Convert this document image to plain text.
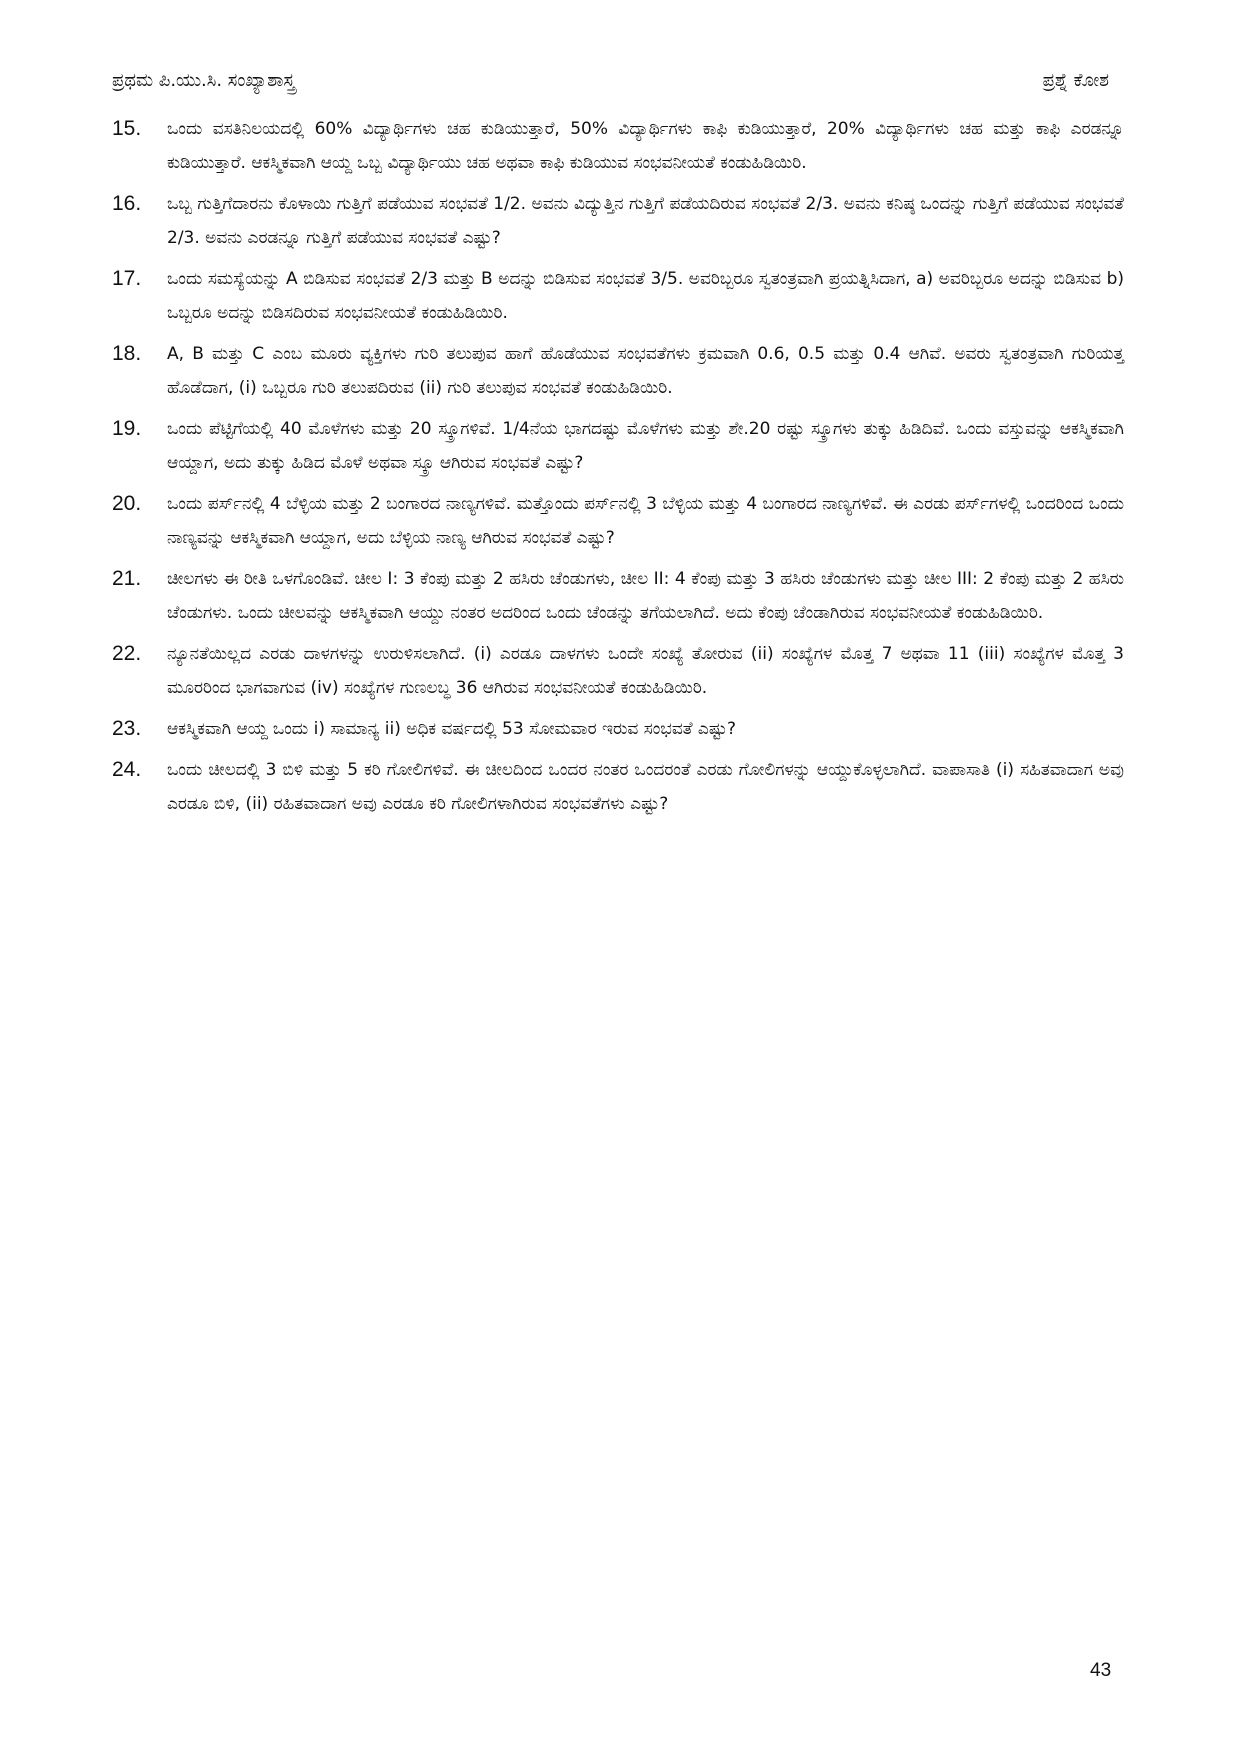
ಪ್ರಥಮ ಪಿ.ಯು.ಸಿ. ಸಂಖ್ಯಾಶಾಸ್ತ್ರ	ಪ್ರಶ್ನೆ ಕೋಶ
15.	ಒಂದು ವಸತಿನಿಲಯದಲ್ಲಿ 60% ವಿದ್ಯಾರ್ಥಿಗಳು ಚಹ ಕುಡಿಯುತ್ತಾರೆ, 50% ವಿದ್ಯಾರ್ಥಿಗಳು ಕಾಫಿ ಕುಡಿಯುತ್ತಾರೆ, 20% ವಿದ್ಯಾರ್ಥಿಗಳು ಚಹ ಮತ್ತು ಕಾಫಿ ಎರಡನ್ನೂ ಕುಡಿಯುತ್ತಾರೆ. ಆಕಸ್ಮಿಕವಾಗಿ ಆಯ್ದ ಒಬ್ಬ ವಿದ್ಯಾರ್ಥಿಯು ಚಹ ಅಥವಾ ಕಾಫಿ ಕುಡಿಯುವ ಸಂಭವನೀಯತೆ ಕಂಡುಹಿಡಿಯಿರಿ.
16.	ಒಬ್ಬ ಗುತ್ತಿಗೆದಾರನು ಕೊಳಾಯಿ ಗುತ್ತಿಗೆ ಪಡೆಯುವ ಸಂಭವತೆ 1/2. ಅವನು ವಿದ್ಯುತ್ತಿನ ಗುತ್ತಿಗೆ ಪಡೆಯದಿರುವ ಸಂಭವತೆ 2/3. ಅವನು ಕನಿಷ್ಠ ಒಂದನ್ನು ಗುತ್ತಿಗೆ ಪಡೆಯುವ ಸಂಭವತೆ 2/3. ಅವನು ಎರಡನ್ನೂ ಗುತ್ತಿಗೆ ಪಡೆಯುವ ಸಂಭವತೆ ಎಷ್ಟು?
17.	ಒಂದು ಸಮಸ್ಯೆಯನ್ನು A ಬಿಡಿಸುವ ಸಂಭವತೆ 2/3 ಮತ್ತು B ಅದನ್ನು ಬಿಡಿಸುವ ಸಂಭವತೆ 3/5. ಅವರಿಬ್ಬರೂ ಸ್ವತಂತ್ರವಾಗಿ ಪ್ರಯತ್ನಿಸಿದಾಗ, a) ಅವರಿಬ್ಬರೂ ಅದನ್ನು ಬಿಡಿಸುವ b) ಒಬ್ಬರೂ ಅದನ್ನು ಬಿಡಿಸದಿರುವ ಸಂಭವನೀಯತೆ ಕಂಡುಹಿಡಿಯಿರಿ.
18.	A, B ಮತ್ತು C ಎಂಬ ಮೂರು ವ್ಯಕ್ತಿಗಳು ಗುರಿ ತಲುಪುವ ಹಾಗೆ ಹೊಡೆಯುವ ಸಂಭವತೆಗಳು ಕ್ರಮವಾಗಿ 0.6, 0.5 ಮತ್ತು 0.4 ಆಗಿವೆ. ಅವರು ಸ್ವತಂತ್ರವಾಗಿ ಗುರಿಯತ್ತ ಹೊಡೆದಾಗ, (i) ಒಬ್ಬರೂ ಗುರಿ ತಲುಪದಿರುವ (ii) ಗುರಿ ತಲುಪುವ ಸಂಭವತೆ ಕಂಡುಹಿಡಿಯಿರಿ.
19.	ಒಂದು ಪೆಟ್ಟಿಗೆಯಲ್ಲಿ 40 ಮೊಳೆಗಳು ಮತ್ತು 20 ಸ್ಕ್ರೂಗಳಿವೆ. 1/4ನೆಯ ಭಾಗದಷ್ಟು ಮೊಳೆಗಳು ಮತ್ತು ಶೇ.20 ರಷ್ಟು ಸ್ಕ್ರೂಗಳು ತುಕ್ಕು ಹಿಡಿದಿವೆ. ಒಂದು ವಸ್ತುವನ್ನು ಆಕಸ್ಮಿಕವಾಗಿ ಆಯ್ದಾಗ, ಅದು ತುಕ್ಕು ಹಿಡಿದ ಮೊಳೆ ಅಥವಾ ಸ್ಕ್ರೂ ಆಗಿರುವ ಸಂಭವತೆ ಎಷ್ಟು?
20.	ಒಂದು ಪರ್ಸ್‌ನಲ್ಲಿ 4 ಬೆಳ್ಳಿಯ ಮತ್ತು 2 ಬಂಗಾರದ ನಾಣ್ಯಗಳಿವೆ. ಮತ್ತೊಂದು ಪರ್ಸ್‌ನಲ್ಲಿ 3 ಬೆಳ್ಳಿಯ ಮತ್ತು 4 ಬಂಗಾರದ ನಾಣ್ಯಗಳಿವೆ. ಈ ಎರಡು ಪರ್ಸ್‌ಗಳಲ್ಲಿ ಒಂದರಿಂದ ಒಂದು ನಾಣ್ಯವನ್ನು ಆಕಸ್ಮಿಕವಾಗಿ ಆಯ್ದಾಗ, ಅದು ಬೆಳ್ಳಿಯ ನಾಣ್ಯ ಆಗಿರುವ ಸಂಭವತೆ ಎಷ್ಟು?
21.	ಚೀಲಗಳು ಈ ರೀತಿ ಒಳಗೊಂಡಿವೆ. ಚೀಲ I: 3 ಕೆಂಪು ಮತ್ತು 2 ಹಸಿರು ಚೆಂಡುಗಳು, ಚೀಲ II: 4 ಕೆಂಪು ಮತ್ತು 3 ಹಸಿರು ಚೆಂಡುಗಳು ಮತ್ತು ಚೀಲ III: 2 ಕೆಂಪು ಮತ್ತು 2 ಹಸಿರು ಚೆಂಡುಗಳು. ಒಂದು ಚೀಲವನ್ನು ಆಕಸ್ಮಿಕವಾಗಿ ಆಯ್ದು ನಂತರ ಅದರಿಂದ ಒಂದು ಚೆಂಡನ್ನು ತಗೆಯಲಾಗಿದೆ. ಅದು ಕೆಂಪು ಚೆಂಡಾಗಿರುವ ಸಂಭವನೀಯತೆ ಕಂಡುಹಿಡಿಯಿರಿ.
22.	ನ್ಯೂನತೆಯಿಲ್ಲದ ಎರಡು ದಾಳಗಳನ್ನು ಉರುಳಿಸಲಾಗಿದೆ. (i) ಎರಡೂ ದಾಳಗಳು ಒಂದೇ ಸಂಖ್ಯೆ ತೋರುವ (ii) ಸಂಖ್ಯೆಗಳ ಮೊತ್ತ 7 ಅಥವಾ 11 (iii) ಸಂಖ್ಯೆಗಳ ಮೊತ್ತ 3 ಮೂರರಿಂದ ಭಾಗವಾಗುವ (iv) ಸಂಖ್ಯೆಗಳ ಗುಣಲಬ್ಧ 36 ಆಗಿರುವ ಸಂಭವನೀಯತೆ ಕಂಡುಹಿಡಿಯಿರಿ.
23.	ಆಕಸ್ಮಿಕವಾಗಿ ಆಯ್ದ ಒಂದು i) ಸಾಮಾನ್ಯ ii) ಅಧಿಕ ವರ್ಷದಲ್ಲಿ 53 ಸೋಮವಾರ ಇರುವ ಸಂಭವತೆ ಎಷ್ಟು?
24.	ಒಂದು ಚೀಲದಲ್ಲಿ 3 ಬಿಳಿ ಮತ್ತು 5 ಕರಿ ಗೋಲಿಗಳಿವೆ. ಈ ಚೀಲದಿಂದ ಒಂದರ ನಂತರ ಒಂದರಂತೆ ಎರಡು ಗೋಲಿಗಳನ್ನು ಆಯ್ದುಕೊಳ್ಳಲಾಗಿದೆ. ವಾಪಾಸಾತಿ (i) ಸಹಿತವಾದಾಗ ಅವು ಎರಡೂ ಬಿಳಿ, (ii) ರಹಿತವಾದಾಗ ಅವು ಎರಡೂ ಕರಿ ಗೋಲಿಗಳಾಗಿರುವ ಸಂಭವತೆಗಳು ಎಷ್ಟು?
43
